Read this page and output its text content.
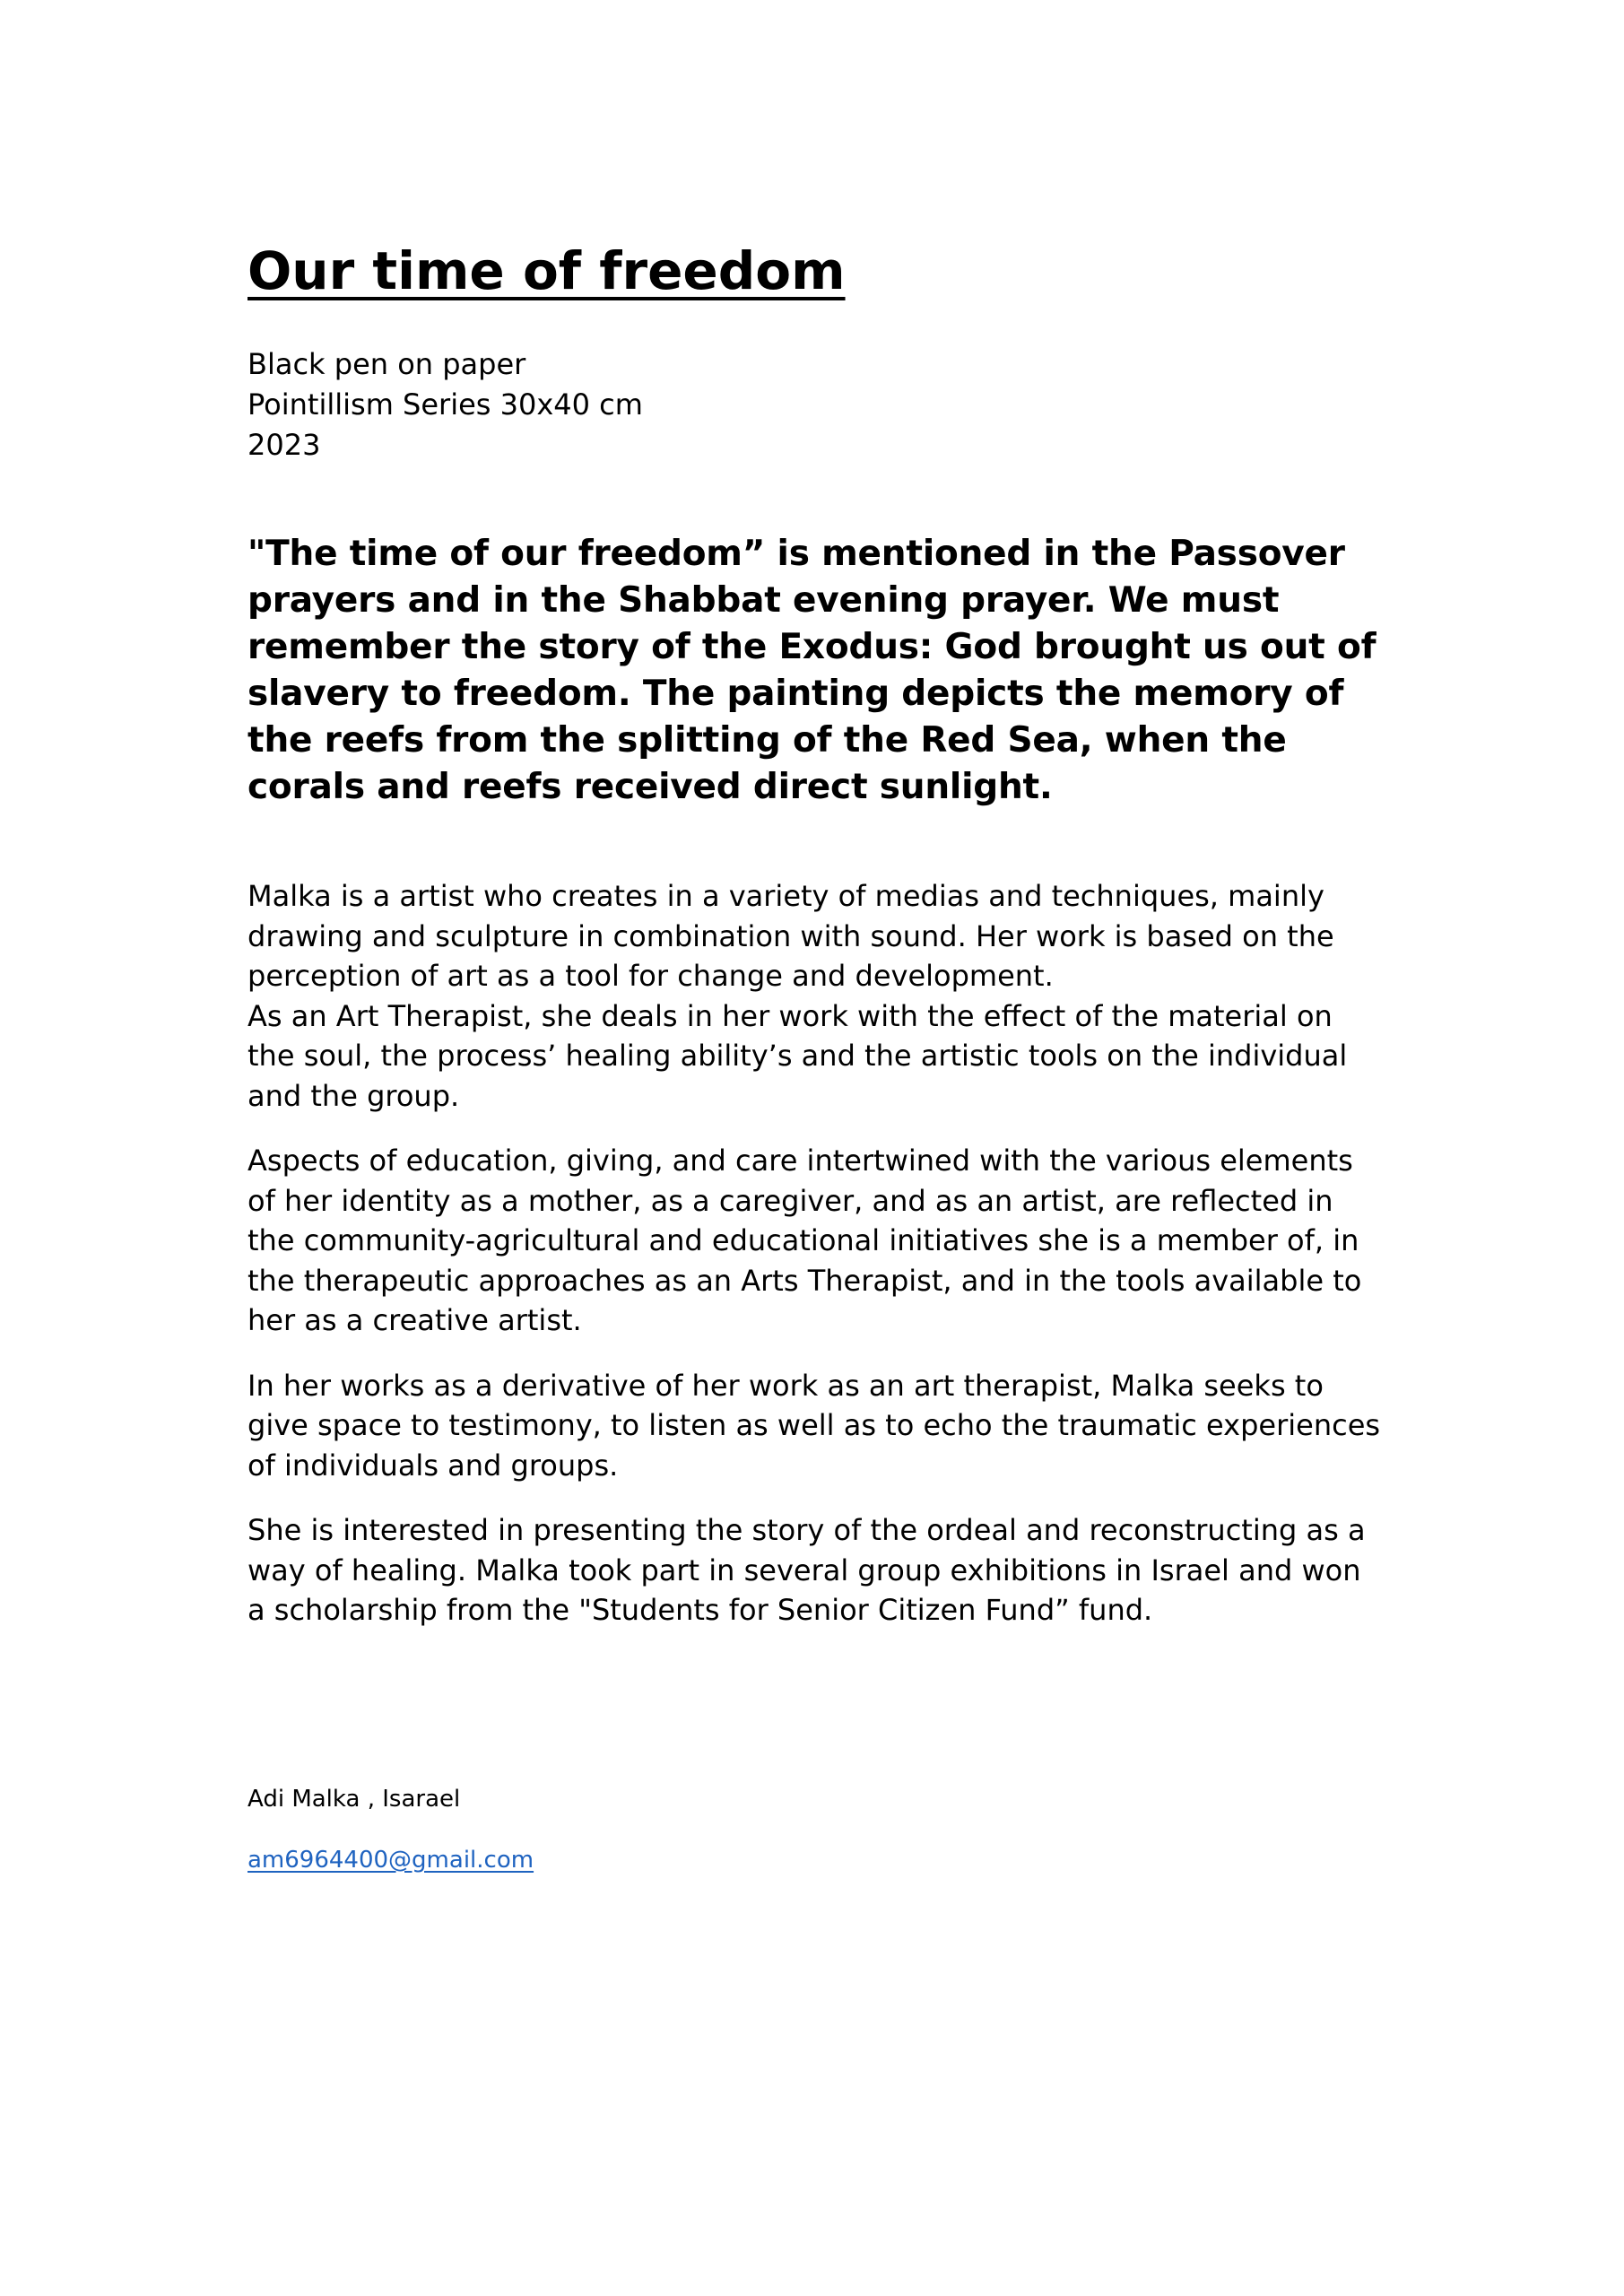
Our time of freedom
Black pen on paper
Pointillism Series 30x40 cm
2023
"The time of our freedom” is mentioned in the Passover
prayers and in the Shabbat evening prayer. We must
remember the story of the Exodus: God brought us out of
slavery to freedom. The painting depicts the memory of
the reefs from the splitting of the Red Sea, when the
corals and reefs received direct sunlight.

Malka is a artist who creates in a variety of medias and techniques, mainly
drawing and sculpture in combination with sound. Her work is based on the
perception of art as a tool for change and development.
As an Art Therapist, she deals in her work with the effect of the material on
the soul, the process’ healing ability’s and the artistic tools on the individual
and the group.

Aspects of education, giving, and care intertwined with the various elements
of her identity as a mother, as a caregiver, and as an artist, are reflected in
the community-agricultural and educational initiatives she is a member of, in
the therapeutic approaches as an Arts Therapist, and in the tools available to
her as a creative artist.

In her works as a derivative of her work as an art therapist, Malka seeks to
give space to testimony, to listen as well as to echo the traumatic experiences
of individuals and groups.

She is interested in presenting the story of the ordeal and reconstructing as a
way of healing. Malka took part in several group exhibitions in Israel and won
a scholarship from the "Students for Senior Citizen Fund” fund.

Adi Malka , Isarael
am6964400@gmail.com
